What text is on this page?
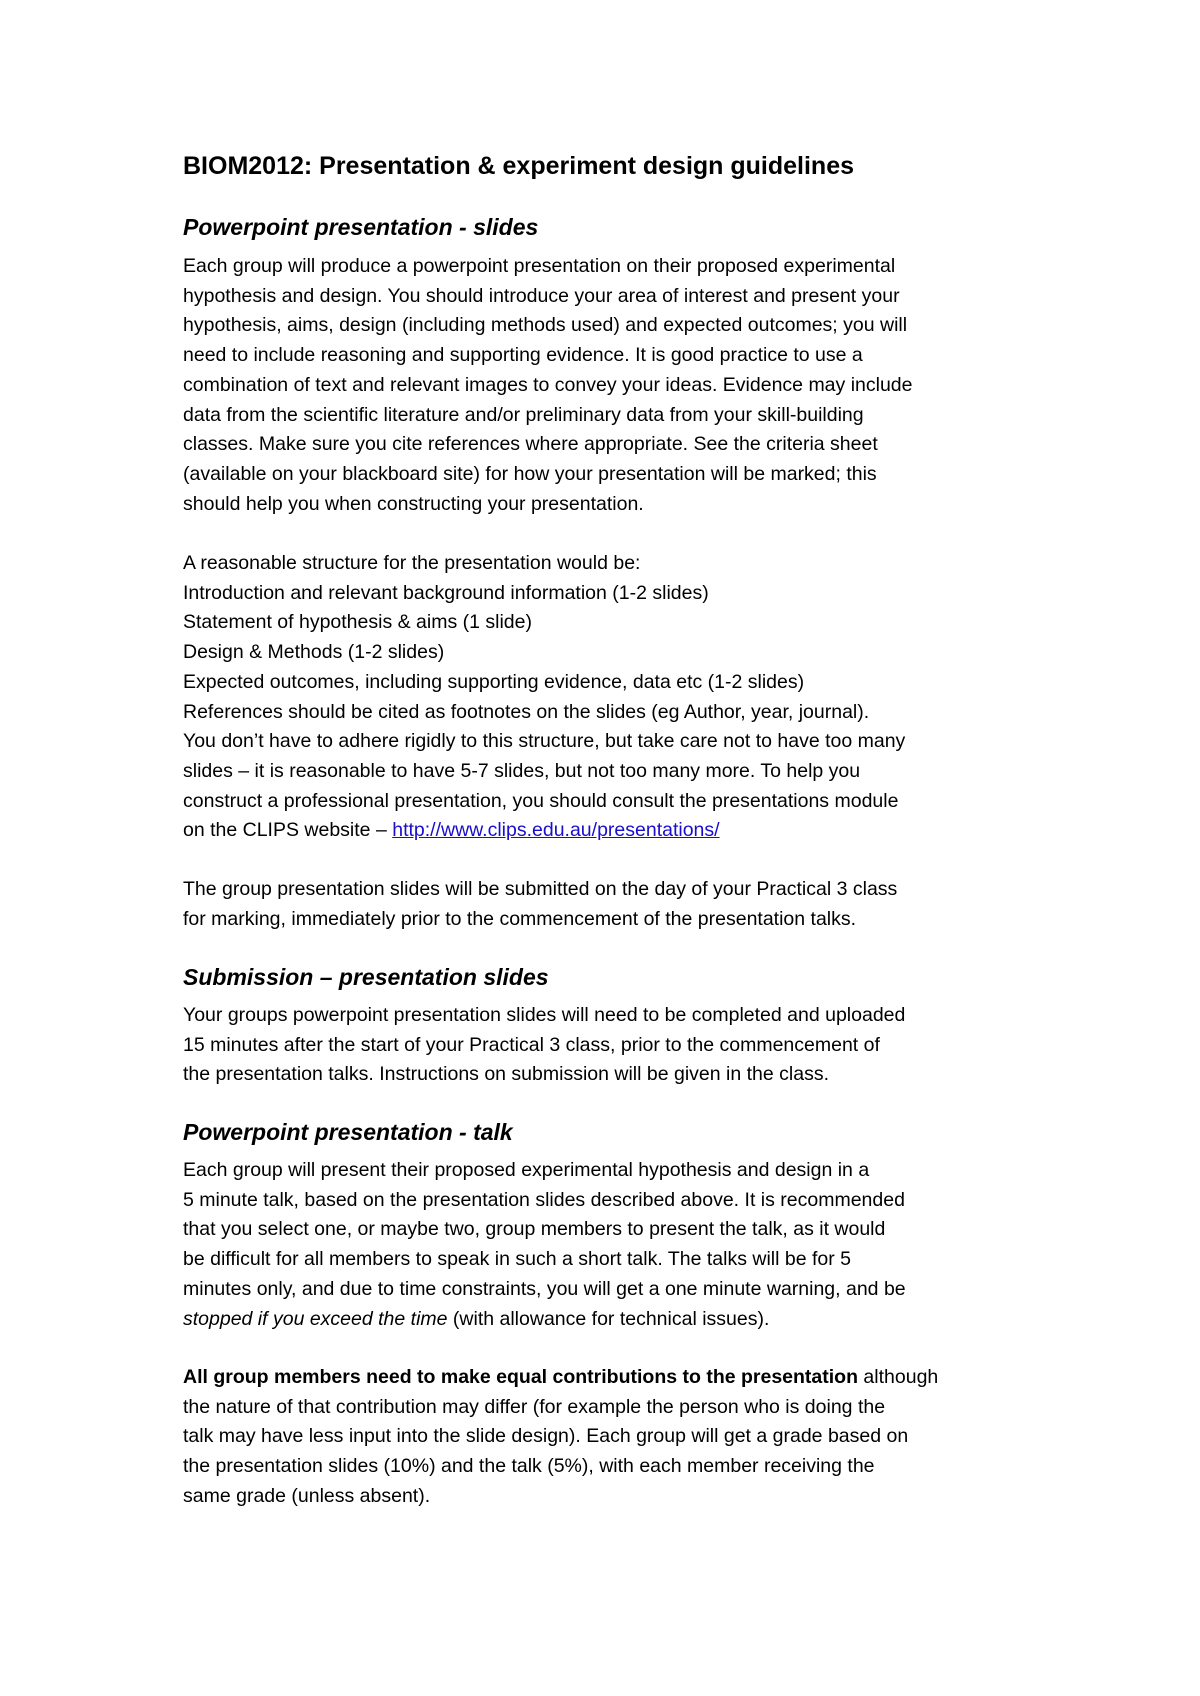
BIOM2012: Presentation & experiment design guidelines
Powerpoint presentation - slides
Each group will produce a powerpoint presentation on their proposed experimental
hypothesis and design. You should introduce your area of interest and present your
hypothesis, aims, design (including methods used) and expected outcomes; you will
need to include reasoning and supporting evidence. It is good practice to use a
combination of text and relevant images to convey your ideas. Evidence may include
data from the scientific literature and/or preliminary data from your skill-building
classes. Make sure you cite references where appropriate. See the criteria sheet
(available on your blackboard site) for how your presentation will be marked; this
should help you when constructing your presentation.
A reasonable structure for the presentation would be:
Introduction and relevant background information (1-2 slides)
Statement of hypothesis & aims (1 slide)
Design & Methods (1-2 slides)
Expected outcomes, including supporting evidence, data etc (1-2 slides)
References should be cited as footnotes on the slides (eg Author, year, journal).
You don’t have to adhere rigidly to this structure, but take care not to have too many
slides – it is reasonable to have 5-7 slides, but not too many more. To help you
construct a professional presentation, you should consult the presentations module
on the CLIPS website – http://www.clips.edu.au/presentations/
The group presentation slides will be submitted on the day of your Practical 3 class
for marking, immediately prior to the commencement of the presentation talks.
Submission – presentation slides
Your groups powerpoint presentation slides will need to be completed and uploaded
15 minutes after the start of your Practical 3 class, prior to the commencement of
the presentation talks. Instructions on submission will be given in the class.
Powerpoint presentation - talk
Each group will present their proposed experimental hypothesis and design in a
5 minute talk, based on the presentation slides described above. It is recommended
that you select one, or maybe two, group members to present the talk, as it would
be difficult for all members to speak in such a short talk. The talks will be for 5
minutes only, and due to time constraints, you will get a one minute warning, and be
stopped if you exceed the time (with allowance for technical issues).
All group members need to make equal contributions to the presentation although
the nature of that contribution may differ (for example the person who is doing the
talk may have less input into the slide design). Each group will get a grade based on
the presentation slides (10%) and the talk (5%), with each member receiving the
same grade (unless absent).
